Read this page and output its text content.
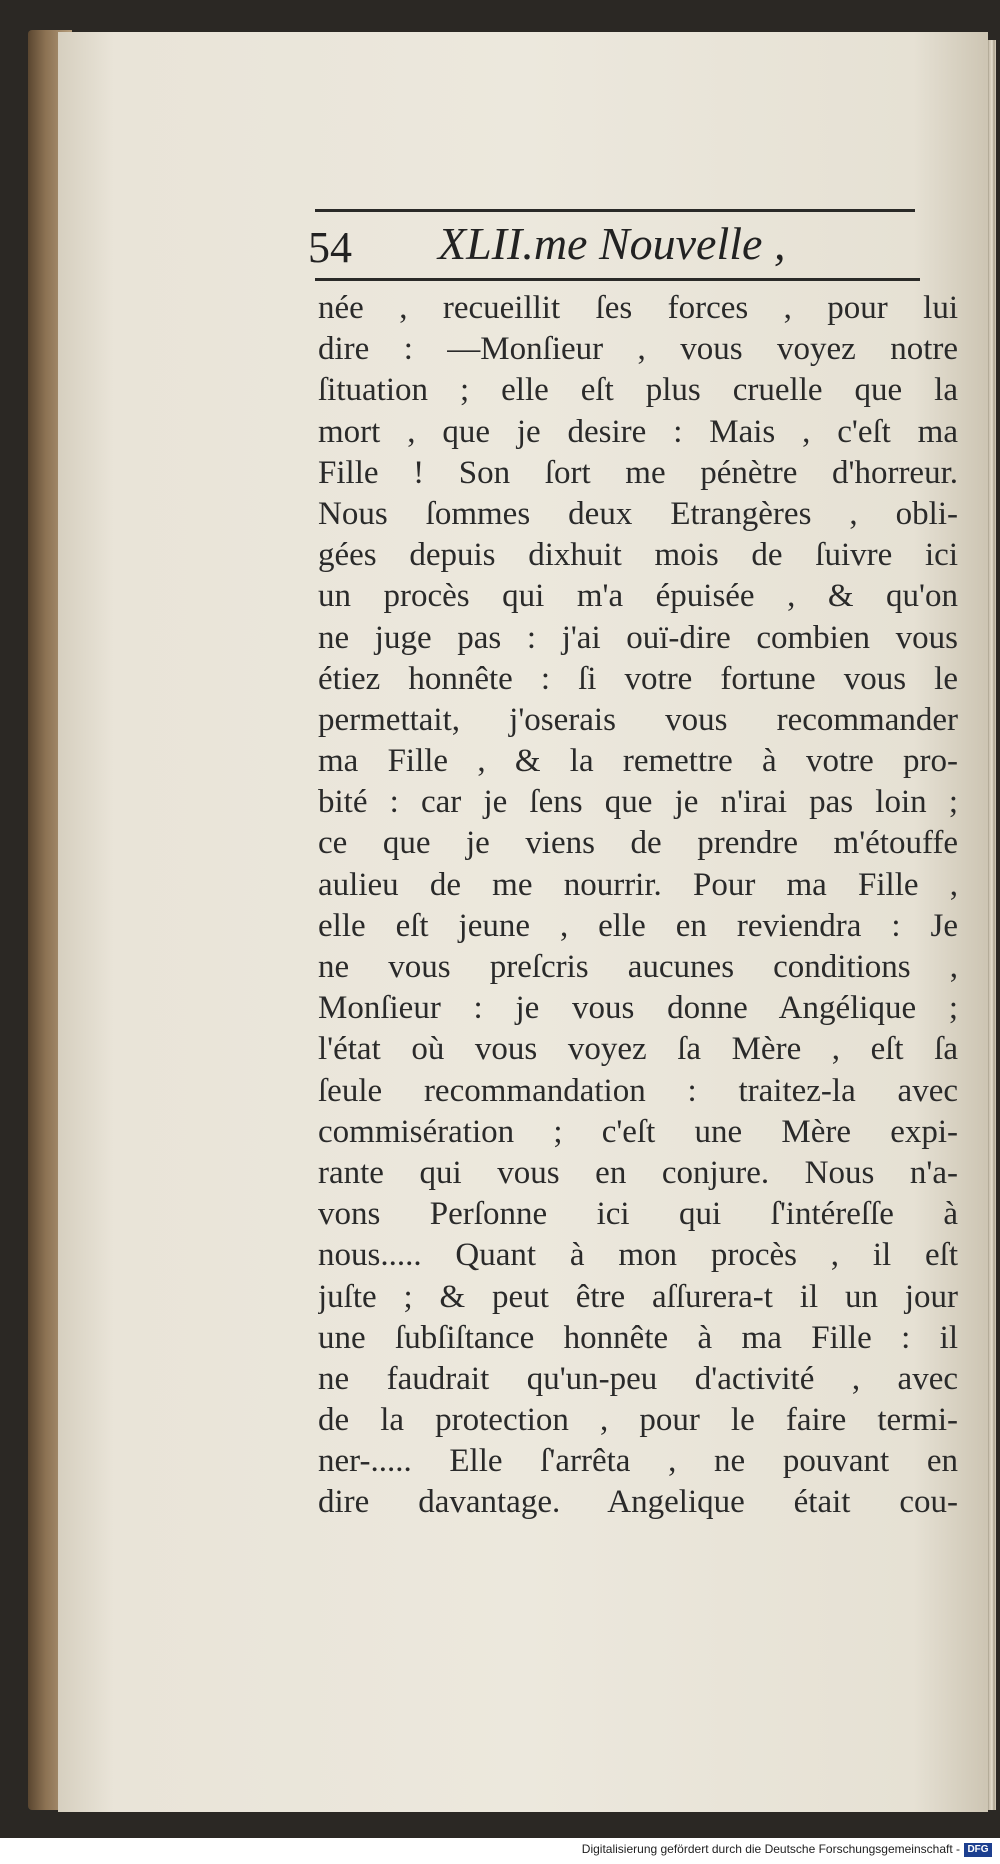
54 XLII.me Nouvelle ,
née , recueillit ſes forces , pour lui
dire : —Monſieur , vous voyez notre
ſituation ; elle eſt plus cruelle que la
mort , que je desire : Mais , c'eſt ma
Fille ! Son ſort me pénètre d'horreur.
Nous ſommes deux Etrangères , obli-
gées depuis dixhuit mois de ſuivre ici
un procès qui m'a épuisée , & qu'on
ne juge pas : j'ai ouï-dire combien vous
étiez honnête : ſi votre fortune vous le
permettait, j'oserais vous recommander
ma Fille , & la remettre à votre pro-
bité : car je ſens que je n'irai pas loin ;
ce que je viens de prendre m'étouffe
aulieu de me nourrir. Pour ma Fille ,
elle eſt jeune , elle en reviendra : Je
ne vous preſcris aucunes conditions ,
Monſieur : je vous donne Angélique ;
l'état où vous voyez ſa Mère , eſt ſa
ſeule recommandation : traitez-la avec
commisération ; c'eſt une Mère expi-
rante qui vous en conjure. Nous n'a-
vons Perſonne ici qui ſ'intéreſſe à
nous..... Quant à mon procès , il eſt
juſte ; & peut être aſſurera-t il un jour
une ſubſiſtance honnête à ma Fille : il
ne faudrait qu'un-peu d'activité , avec
de la protection , pour le faire termi-
ner-..... Elle ſ'arrêta , ne pouvant en
dire davantage. Angelique était cou-
Digitalisierung gefördert durch die Deutsche Forschungsgemeinschaft - DFG
